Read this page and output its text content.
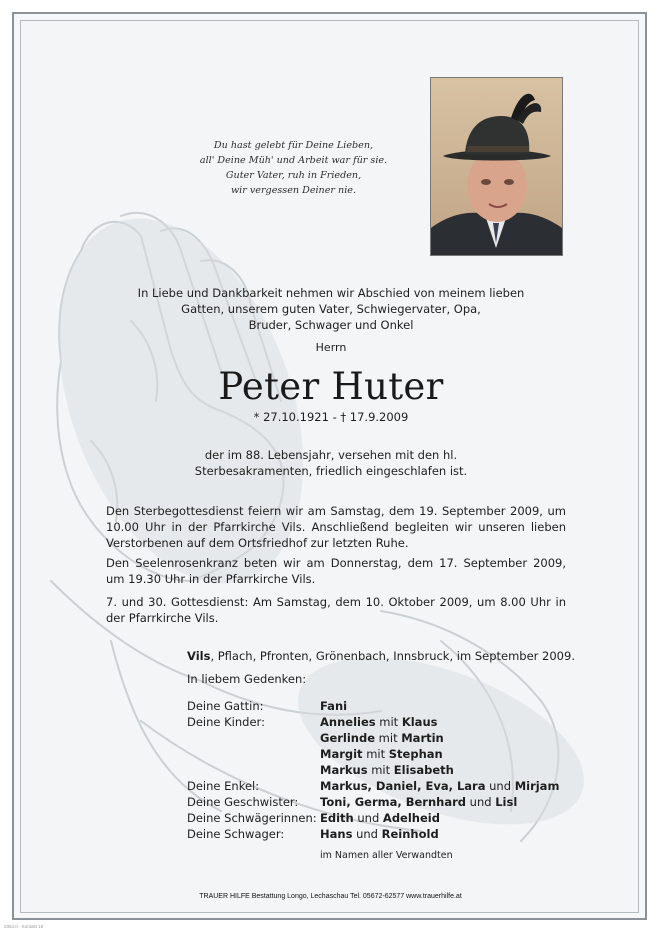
Du hast gelebt für Deine Lieben,
all' Deine Müh' und Arbeit war für sie.
Guter Vater, ruh in Frieden,
wir vergessen Deiner nie.
In Liebe und Dankbarkeit nehmen wir Abschied von meinem lieben
Gatten, unserem guten Vater, Schwiegervater, Opa,
Bruder, Schwager und Onkel
Herrn
Peter Huter
* 27.10.1921 - † 17.9.2009
der im 88. Lebensjahr, versehen mit den hl.
Sterbesakramenten, friedlich eingeschlafen ist.
Den Sterbegottesdienst feiern wir am Samstag, dem 19. September 2009, um 10.00 Uhr in der Pfarrkirche Vils. Anschließend begleiten wir unseren lieben Verstorbenen auf dem Ortsfriedhof zur letzten Ruhe.
Den Seelenrosenkranz beten wir am Donnerstag, dem 17. September 2009, um 19.30 Uhr in der Pfarrkirche Vils.
7. und 30. Gottesdienst: Am Samstag, dem 10. Oktober 2009, um 8.00 Uhr in der Pfarrkirche Vils.
Vils, Pflach, Pfronten, Grönenbach, Innsbruck, im September 2009.
In liebem Gedenken:
Deine Gattin:	Fani
Deine Kinder:	Annelies mit Klaus
Gerlinde mit Martin
Margit mit Stephan
Markus mit Elisabeth
Deine Enkel:	Markus, Daniel, Eva, Lara und Mirjam
Deine Geschwister:	Toni, Germa, Bernhard und Lisl
Deine Schwägerinnen: Edith und Adelheid
Deine Schwager:	Hans und Reinhold
im Namen aller Verwandten
TRAUER HILFE Bestattung Longo, Lechaschau Tel. 05672-62577 www.trauerhilfe.at
0354.0 · Kontakt 18
